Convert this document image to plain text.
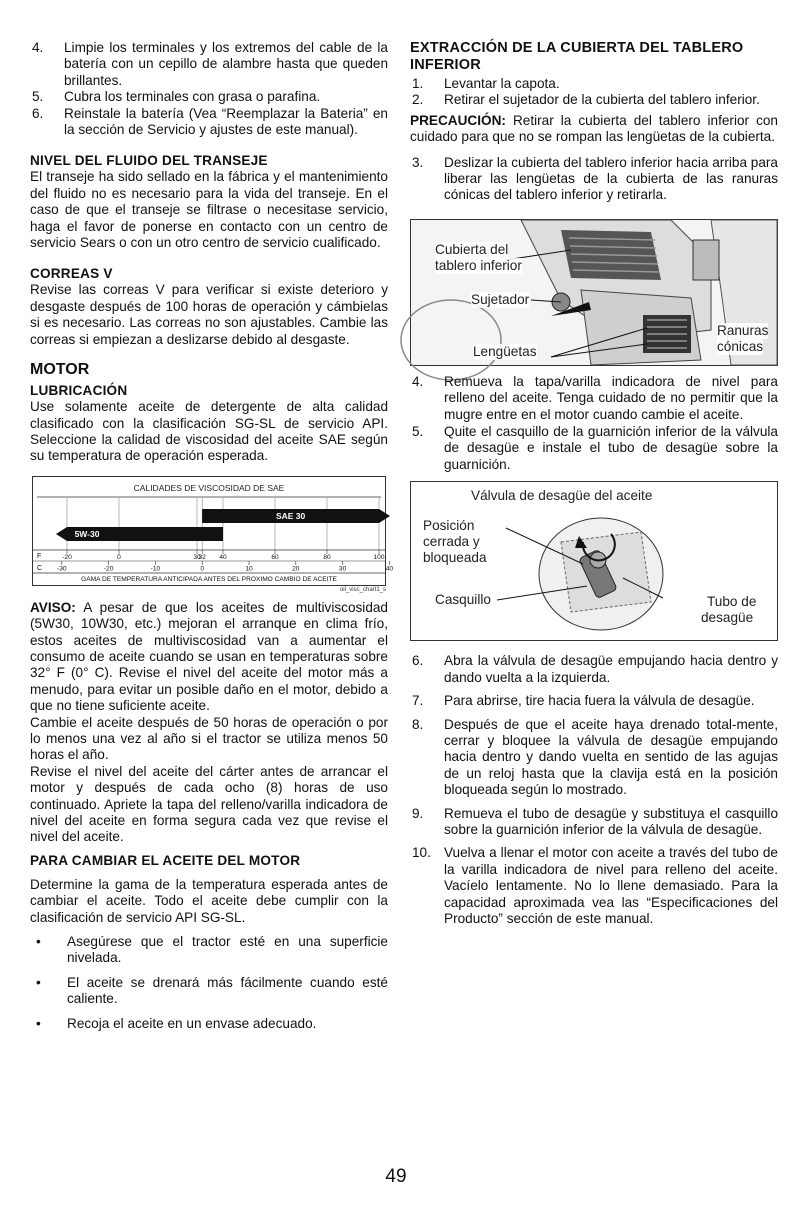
4. Limpie los terminales y los extremos del cable de la batería con un cepillo de alambre hasta que queden brillantes.
5. Cubra los terminales con grasa o parafina.
6. Reinstale la batería (Vea “Reemplazar la Bateria” en la sección de Servicio y ajustes de este manual).
NIVEL DEL FLUIDO DEL TRANSEJE

El transeje ha sido sellado en la fábrica y el mantenimiento del fluido no es necesario para la vida del transeje. En el caso de que el transeje se filtrase o necesitase servicio, haga el favor de ponerse en contacto con un centro de servicio Sears o con un otro centro de servicio cualificado.

CORREAS V

Revise las correas V para verificar si existe deterioro y desgaste después de 100 horas de operación y cámbielas si es necesario. Las correas no son ajustables. Cambie las correas si empiezan a deslizarse debido al desgaste.

MOTOR
LUBRICACIÓN

Use solamente aceite de detergente de alta calidad clasificado con la clasificación SG-SL de servicio API. Seleccione la calidad de viscosidad del aceite SAE según su temperatura de operación esperada.

CALIDADES DE VISCOSIDAD DE SAE
SAE 30
5W-30
F
C
-20	0	30
32 40	60	80	100
-30	-20	-10	0	10	20	30	40
GAMA DE TEMPERATURA ANTICIPADA ANTES DEL PROXIMO CAMBIO DE ACEITE
oil_visc_chart1_s

AVISO: A pesar de que los aceites de multiviscosidad (5W30, 10W30, etc.) mejoran el arranque en clima frío, estos aceites de multiviscosidad van a aumentar el consumo de aceite cuando se usan en temperaturas sobre 32° F (0° C). Revise el nivel del aceite del motor más a menudo, para evitar un posible daño en el motor, debido a que no tiene suficiente aceite.

Cambie el aceite después de 50 horas de operación o por lo menos una vez al año si el tractor se utiliza menos 50 horas el año.

Revise el nivel del aceite del cárter antes de arrancar el motor y después de cada ocho (8) horas de uso continuado. Apriete la tapa del relleno/varilla indicadora de nivel del aceite en forma segura cada vez que revise el nivel del aceite.

PARA CAMBIAR EL ACEITE DEL MOTOR

Determine la gama de la temperatura esperada antes de cambiar el aceite. Todo el aceite debe cumplir con la clasificación de servicio API SG-SL.

• Asegúrese que el tractor esté en una superficie nivelada.
• El aceite se drenará más fácilmente cuando esté caliente.
• Recoja el aceite en un envase adecuado.
EXTRACCIÓN DE LA CUBIERTA DEL TABLERO INFERIOR
1. Levantar la capota.
2. Retirar el sujetador de la cubierta del tablero inferior.

PRECAUCIÓN: Retirar la cubierta del tablero inferior con cuidado para que no se rompan las lengüetas de la cubierta.

3. Deslizar la cubierta del tablero inferior hacia arriba para liberar las lengüetas de la cubierta de las ranuras cónicas del tablero inferior y retirarla.
Cubierta del
tablero inferior
Sujetador
Lengüetas
Ranuras
cónicas
4. Remueva la tapa/varilla indicadora de nivel para relleno del aceite. Tenga cuidado de no permitir que la mugre entre en el motor cuando cambie el aceite.
5. Quite el casquillo de la guarnición inferior de la válvula de desagüe e instale el tubo de desagüe sobre la guarnición.
Válvula de desagüe del aceite
Posición
cerrada y
bloqueada
Casquillo	Tubo de
desagüe
6. Abra la válvula de desagüe empujando hacia dentro y dando vuelta a la izquierda.
7. Para abrirse, tire hacia fuera la válvula de desagüe.
8. Después de que el aceite haya drenado total-mente, cerrar y bloquee la válvula de desagüe empujando hacia dentro y dando vuelta en sentido de las agujas de un reloj hasta que la clavija está en la posición bloqueada según lo mostrado.
9. Remueva el tubo de desagüe y substituya el casquillo sobre la guarnición inferior de la válvula de desagüe.
10. Vuelva a llenar el motor con aceite a través del tubo de la varilla indicadora de nivel para relleno del aceite. Vacíelo lentamente. No lo llene demasiado. Para la capacidad aproximada vea las “Especificaciones del Producto” sección de este manual.
49
